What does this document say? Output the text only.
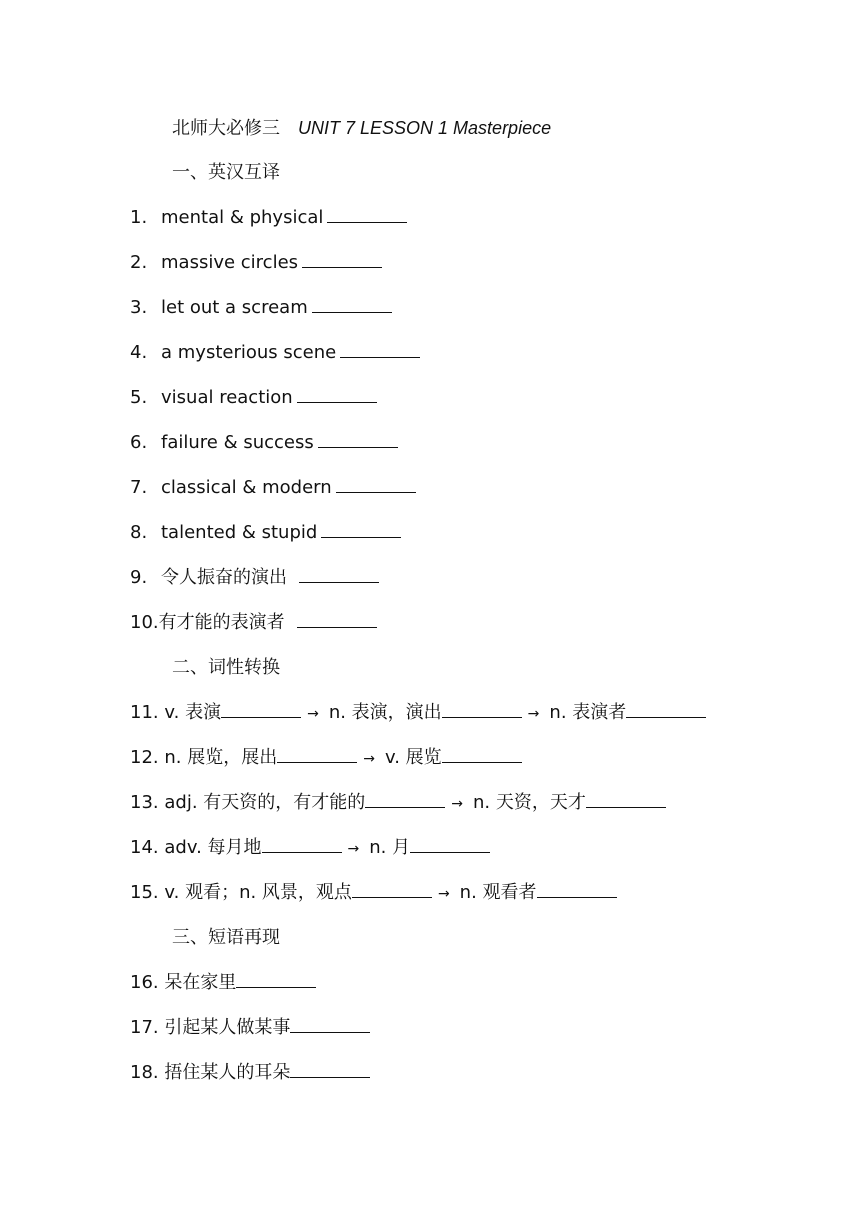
北师大必修三 UNIT 7 LESSON 1 Masterpiece
一、英汉互译
1. mental & physical
2. massive circles
3. let out a scream
4. a mysterious scene
5. visual reaction
6. failure & success
7. classical & modern
8. talented & stupid
9. 令人振奋的演出
10.有才能的表演者
二、词性转换
11. v. 表演	→ n. 表演，演出	→ n. 表演者
12. n. 展览，展出	→ v. 展览
13. adj. 有天资的，有才能的	→ n. 天资，天才
14. adv. 每月地	→ n. 月
15. v. 观看；n. 风景，观点	→ n. 观看者
三、短语再现
16. 呆在家里
17. 引起某人做某事
18. 捂住某人的耳朵
